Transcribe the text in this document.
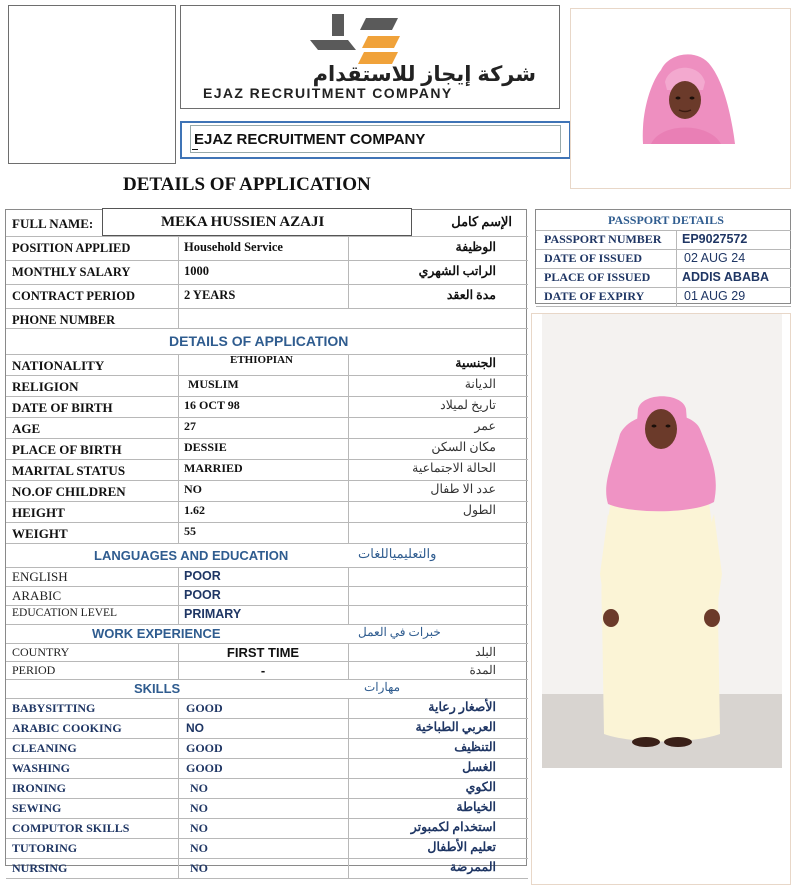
شركة إيجاز للاستقدام
EJAZ RECRUITMENT COMPANY
EJAZ RECRUITMENT COMPANY
DETAILS OF APPLICATION
FULL NAME:	MEKA HUSSIEN AZAJI	الإسم كامل
POSITION APPLIED	Household Service	الوظيفة
MONTHLY SALARY	1000	الراتب الشهري
CONTRACT PERIOD	2 YEARS	مدة العقد
PHONE NUMBER
DETAILS OF APPLICATION
NATIONALITY	ETHIOPIAN	الجنسية
RELIGION	MUSLIM	الديانة
DATE OF BIRTH	16 OCT 98	تاريخ لميلاد
AGE	27	عمر
PLACE OF BIRTH	DESSIE	مكان السكن
MARITAL STATUS	MARRIED	الحالة الاجتماعية
NO.OF CHILDREN	NO	عدد الا طفال
HEIGHT	1.62	الطول
WEIGHT	55
LANGUAGES AND EDUCATION	والتعليمياللغات
ENGLISH	POOR
ARABIC	POOR
EDUCATION LEVEL	PRIMARY
WORK EXPERIENCE	خبرات في العمل
COUNTRY	FIRST TIME	البلد
PERIOD	-	المدة
SKILLS	مهارات
BABYSITTING	GOOD	الأصغار رعاية
ARABIC COOKING	NO	العربي الطباخية
CLEANING	GOOD	التنظيف
WASHING	GOOD	الغسل
IRONING	NO	الكوي
SEWING	NO	الخياطة
COMPUTOR SKILLS	NO	استخدام لكمبوتر
TUTORING	NO	تعليم الأطفال
NURSING	NO	الممرضة
PASSPORT DETAILS
PASSPORT NUMBER EP9027572
DATE OF ISSUED	02 AUG 24
PLACE OF ISSUED	ADDIS ABABA
DATE OF EXPIRY	01 AUG 29
